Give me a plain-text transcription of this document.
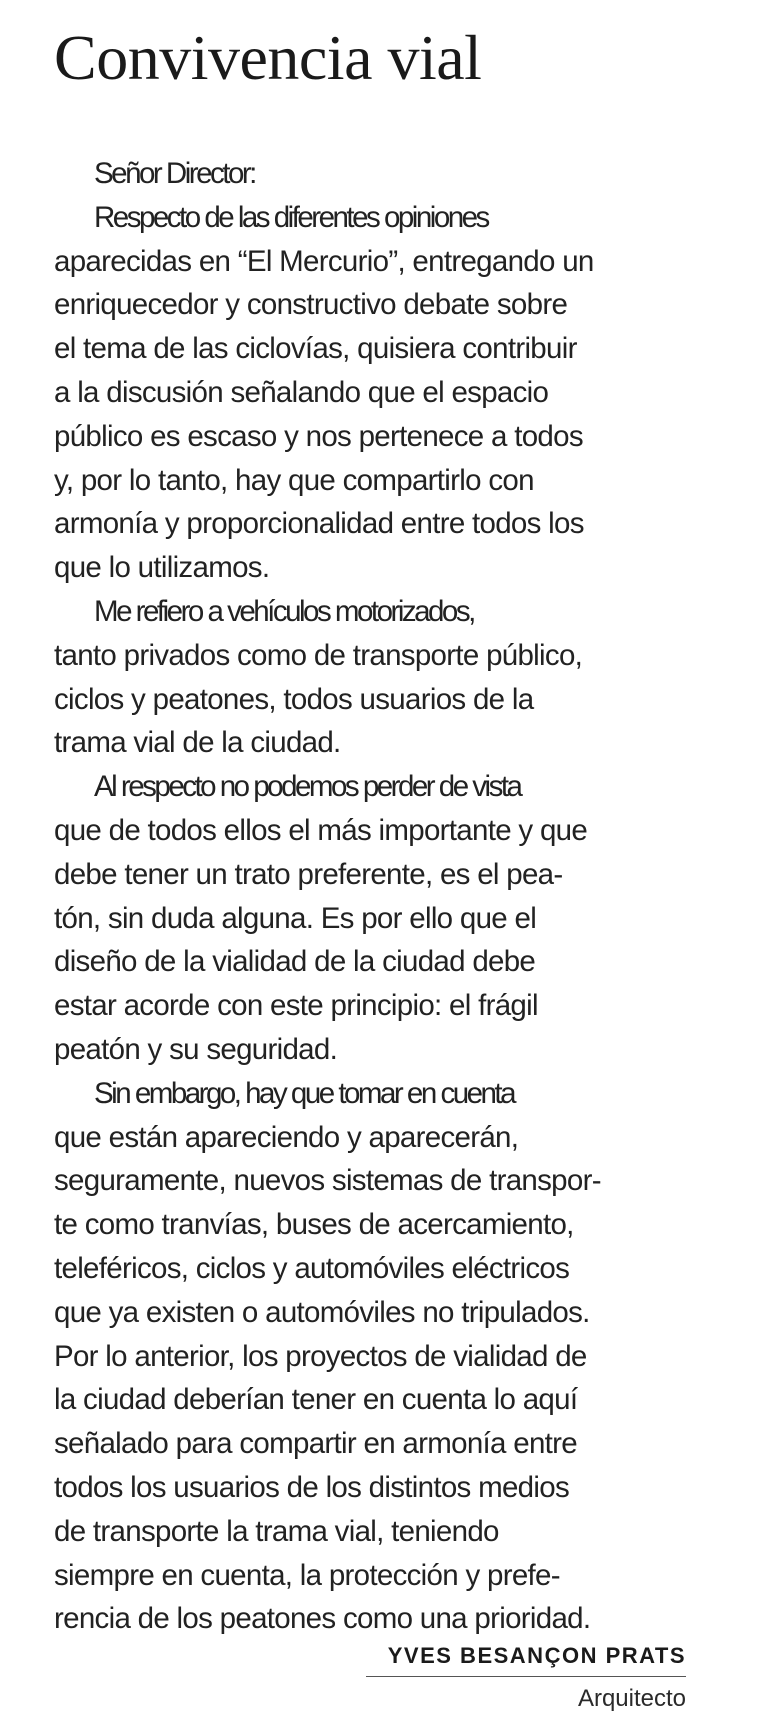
Convivencia vial
Señor Director:
Respecto de las diferentes opiniones
aparecidas en “El Mercurio”, entregando un
enriquecedor y constructivo debate sobre
el tema de las ciclovías, quisiera contribuir
a la discusión señalando que el espacio
público es escaso y nos pertenece a todos
y, por lo tanto, hay que compartirlo con
armonía y proporcionalidad entre todos los
que lo utilizamos.
Me refiero a vehículos motorizados,
tanto privados como de transporte público,
ciclos y peatones, todos usuarios de la
trama vial de la ciudad.
Al respecto no podemos perder de vista
que de todos ellos el más importante y que
debe tener un trato preferente, es el pea-
tón, sin duda alguna. Es por ello que el
diseño de la vialidad de la ciudad debe
estar acorde con este principio: el frágil
peatón y su seguridad.
Sin embargo, hay que tomar en cuenta
que están apareciendo y aparecerán,
seguramente, nuevos sistemas de transpor-
te como tranvías, buses de acercamiento,
teleféricos, ciclos y automóviles eléctricos
que ya existen o automóviles no tripulados.
Por lo anterior, los proyectos de vialidad de
la ciudad deberían tener en cuenta lo aquí
señalado para compartir en armonía entre
todos los usuarios de los distintos medios
de transporte la trama vial, teniendo
siempre en cuenta, la protección y prefe-
rencia de los peatones como una prioridad.
YVES BESANÇON PRATS
Arquitecto
